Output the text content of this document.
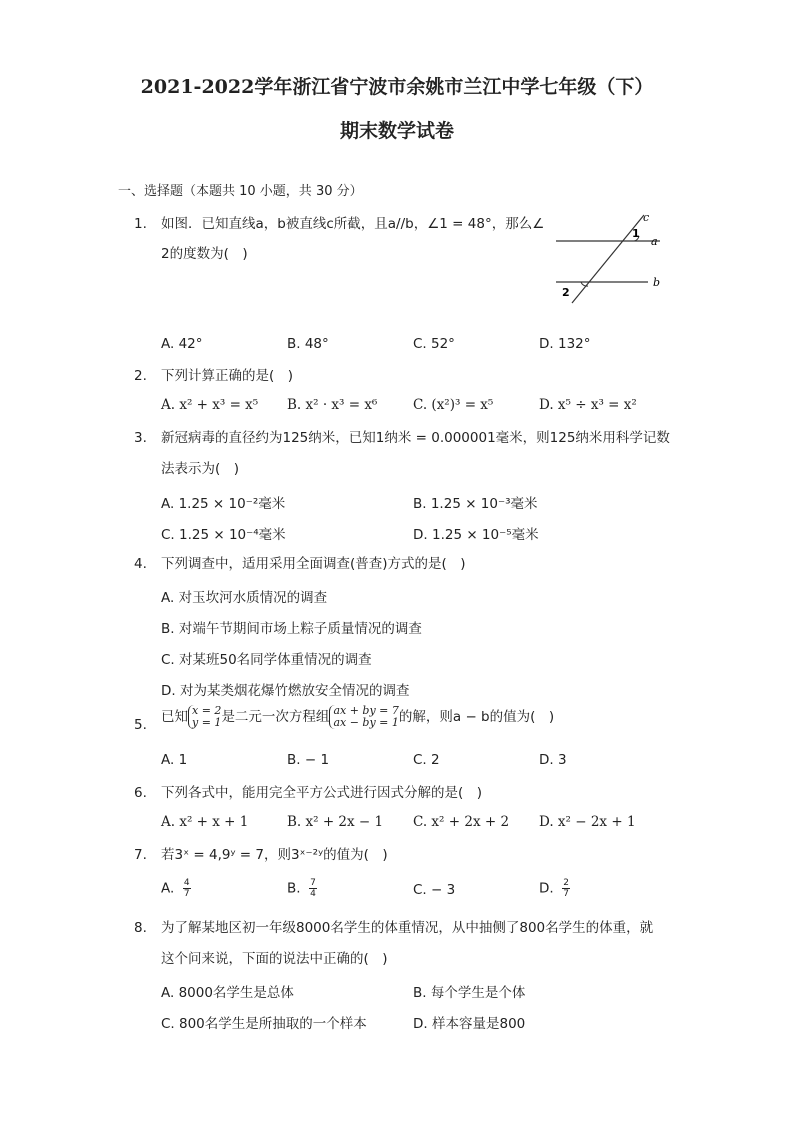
2021-2022学年浙江省宁波市余姚市兰江中学七年级（下）
期末数学试卷
一、选择题（本题共 10 小题，共 30 分）
1. 如图．已知直线a，b被直线c所截，且a//b，∠1 = 48°，那么∠
2的度数为(　)
c
a
b
1
2
A. 42°	B. 48°	C. 52°	D. 132°
2. 下列计算正确的是(　)
A. x² + x³ = x⁵ B. x² · x³ = x⁶	C. (x²)³ = x⁵	D. x⁵ ÷ x³ = x²
3. 新冠病毒的直径约为125纳米，已知1纳米 = 0.000001毫米，则125纳米用科学记数
法表示为(　)
A. 1.25 × 10⁻²毫米	B. 1.25 × 10⁻³毫米
C. 1.25 × 10⁻⁴毫米	D. 1.25 × 10⁻⁵毫米
4. 下列调查中，适用采用全面调查(普查)方式的是(　)
A. 对玉坎河水质情况的调查
B. 对端午节期间市场上粽子质量情况的调查
C. 对某班50名同学体重情况的调查
D. 对为某类烟花爆竹燃放安全情况的调查
5. 已知 x = 2
y = 1 是二元一次方程组 ax + by = 7
ax − by = 1 的解，则a − b的值为(　)
A. 1	B. − 1	C. 2	D. 3
6. 下列各式中，能用完全平方公式进行因式分解的是(　)
A. x² + x + 1	B. x² + 2x − 1 C. x² + 2x + 2 D. x² − 2x + 1
7. 若3ˣ = 4,9ʸ = 7，则3ˣ⁻²ʸ的值为(　)
A. $\frac{4}{7}$	B. $\frac{7}{4}$	C. − 3	D. $\frac{2}{7}$
8. 为了解某地区初一年级8000名学生的体重情况，从中抽侧了800名学生的体重，就
这个问来说，下面的说法中正确的(　)
A. 8000名学生是总体	B. 每个学生是个体
C. 800名学生是所抽取的一个样本	D. 样本容量是800
